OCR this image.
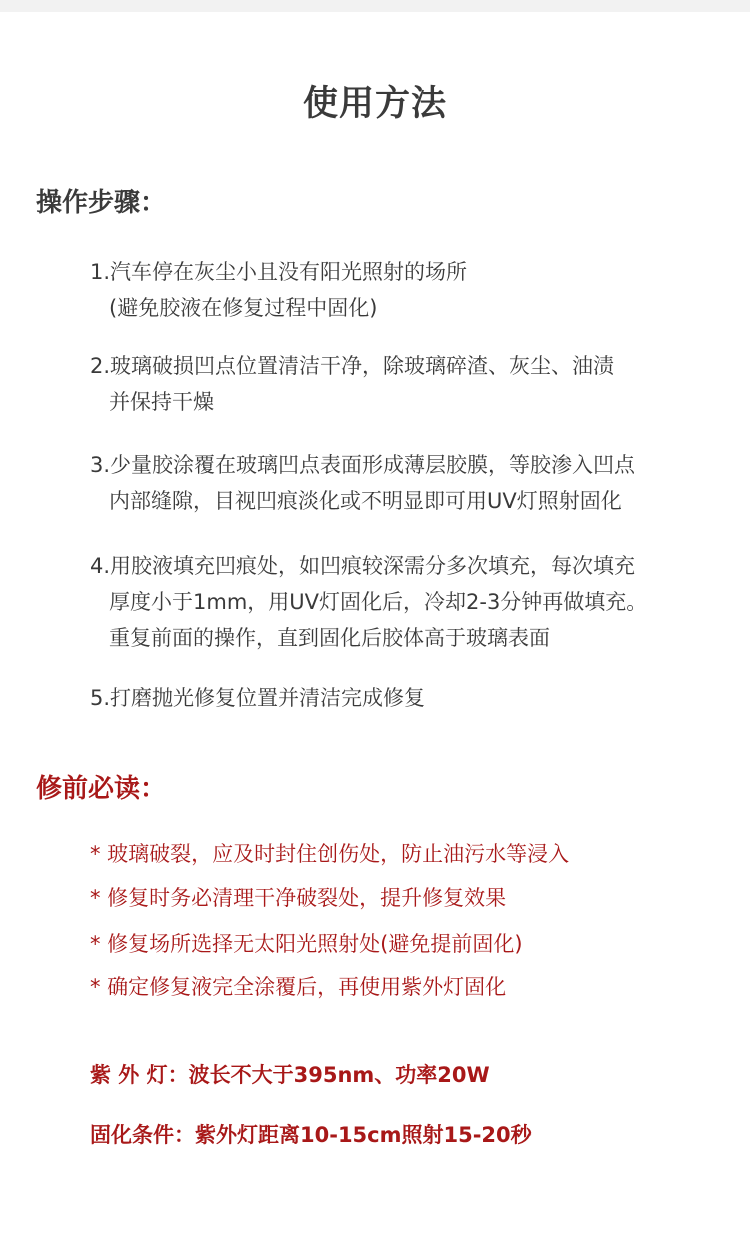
使用方法
操作步骤：
1.汽车停在灰尘小且没有阳光照射的场所
(避免胶液在修复过程中固化)
2.玻璃破损凹点位置清洁干净，除玻璃碎渣、灰尘、油渍
并保持干燥
3.少量胶涂覆在玻璃凹点表面形成薄层胶膜，等胶渗入凹点
内部缝隙，目视凹痕淡化或不明显即可用UV灯照射固化
4.用胶液填充凹痕处，如凹痕较深需分多次填充，每次填充
厚度小于1mm，用UV灯固化后，冷却2-3分钟再做填充。
重复前面的操作，直到固化后胶体高于玻璃表面
5.打磨抛光修复位置并清洁完成修复
修前必读：
* 玻璃破裂，应及时封住创伤处，防止油污水等浸入
* 修复时务必清理干净破裂处，提升修复效果
* 修复场所选择无太阳光照射处(避免提前固化)
* 确定修复液完全涂覆后，再使用紫外灯固化
紫 外 灯：波长不大于395nm、功率20W
固化条件：紫外灯距离10-15cm照射15-20秒
